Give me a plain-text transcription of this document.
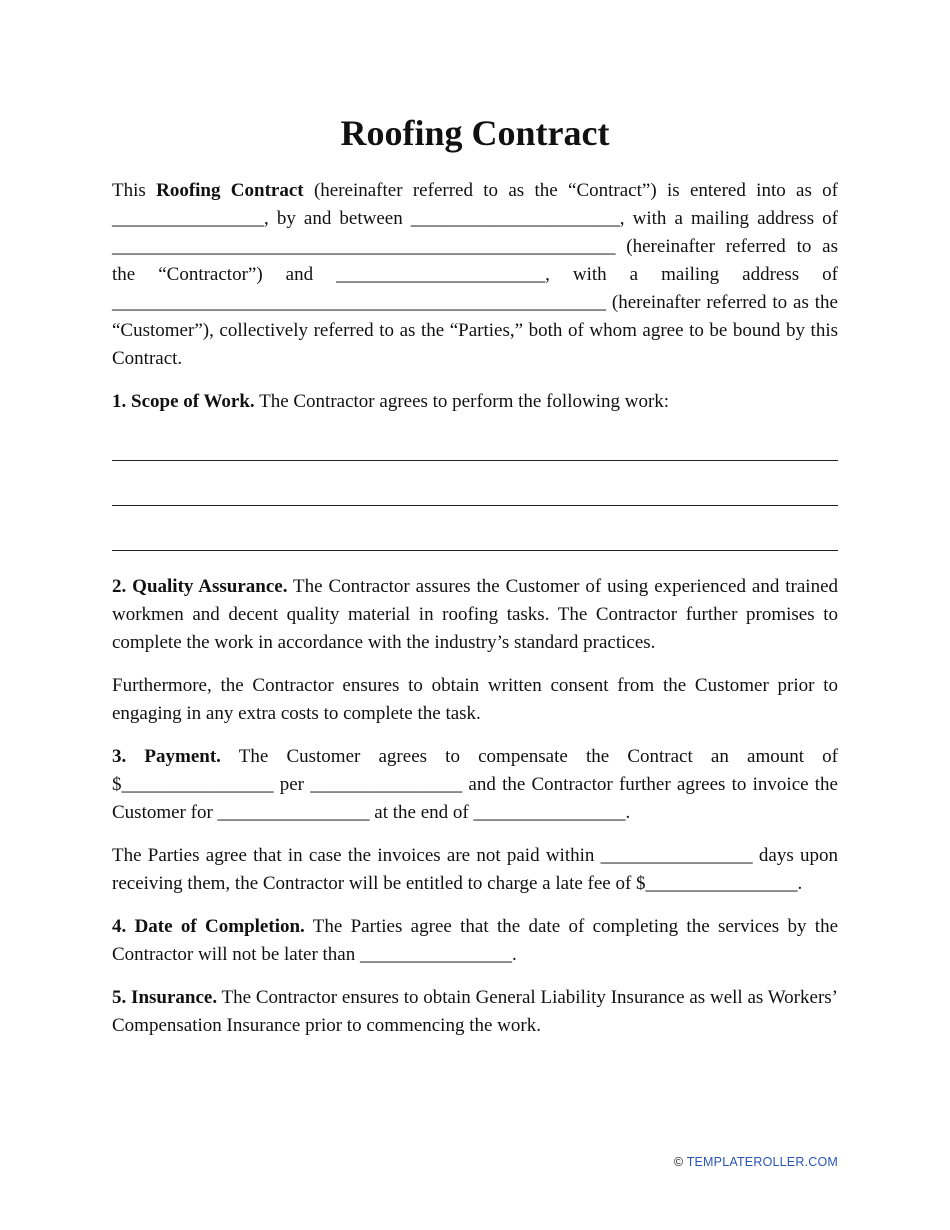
Roofing Contract

This Roofing Contract (hereinafter referred to as the “Contract”) is entered into as of ________________, by and between ______________________, with a mailing address of _____________________________________________________ (hereinafter referred to as the “Contractor”) and ______________________, with a mailing address of ____________________________________________________ (hereinafter referred to as the “Customer”), collectively referred to as the “Parties,” both of whom agree to be bound by this Contract.

1. Scope of Work. The Contractor agrees to perform the following work:

2. Quality Assurance. The Contractor assures the Customer of using experienced and trained workmen and decent quality material in roofing tasks. The Contractor further promises to complete the work in accordance with the industry’s standard practices.

Furthermore, the Contractor ensures to obtain written consent from the Customer prior to engaging in any extra costs to complete the task.

3. Payment. The Customer agrees to compensate the Contract an amount of $________________ per ________________ and the Contractor further agrees to invoice the Customer for ________________ at the end of ________________.

The Parties agree that in case the invoices are not paid within ________________ days upon receiving them, the Contractor will be entitled to charge a late fee of $________________.

4. Date of Completion. The Parties agree that the date of completing the services by the Contractor will not be later than ________________.

5. Insurance. The Contractor ensures to obtain General Liability Insurance as well as Workers’ Compensation Insurance prior to commencing the work.

© TEMPLATEROLLER.COM
